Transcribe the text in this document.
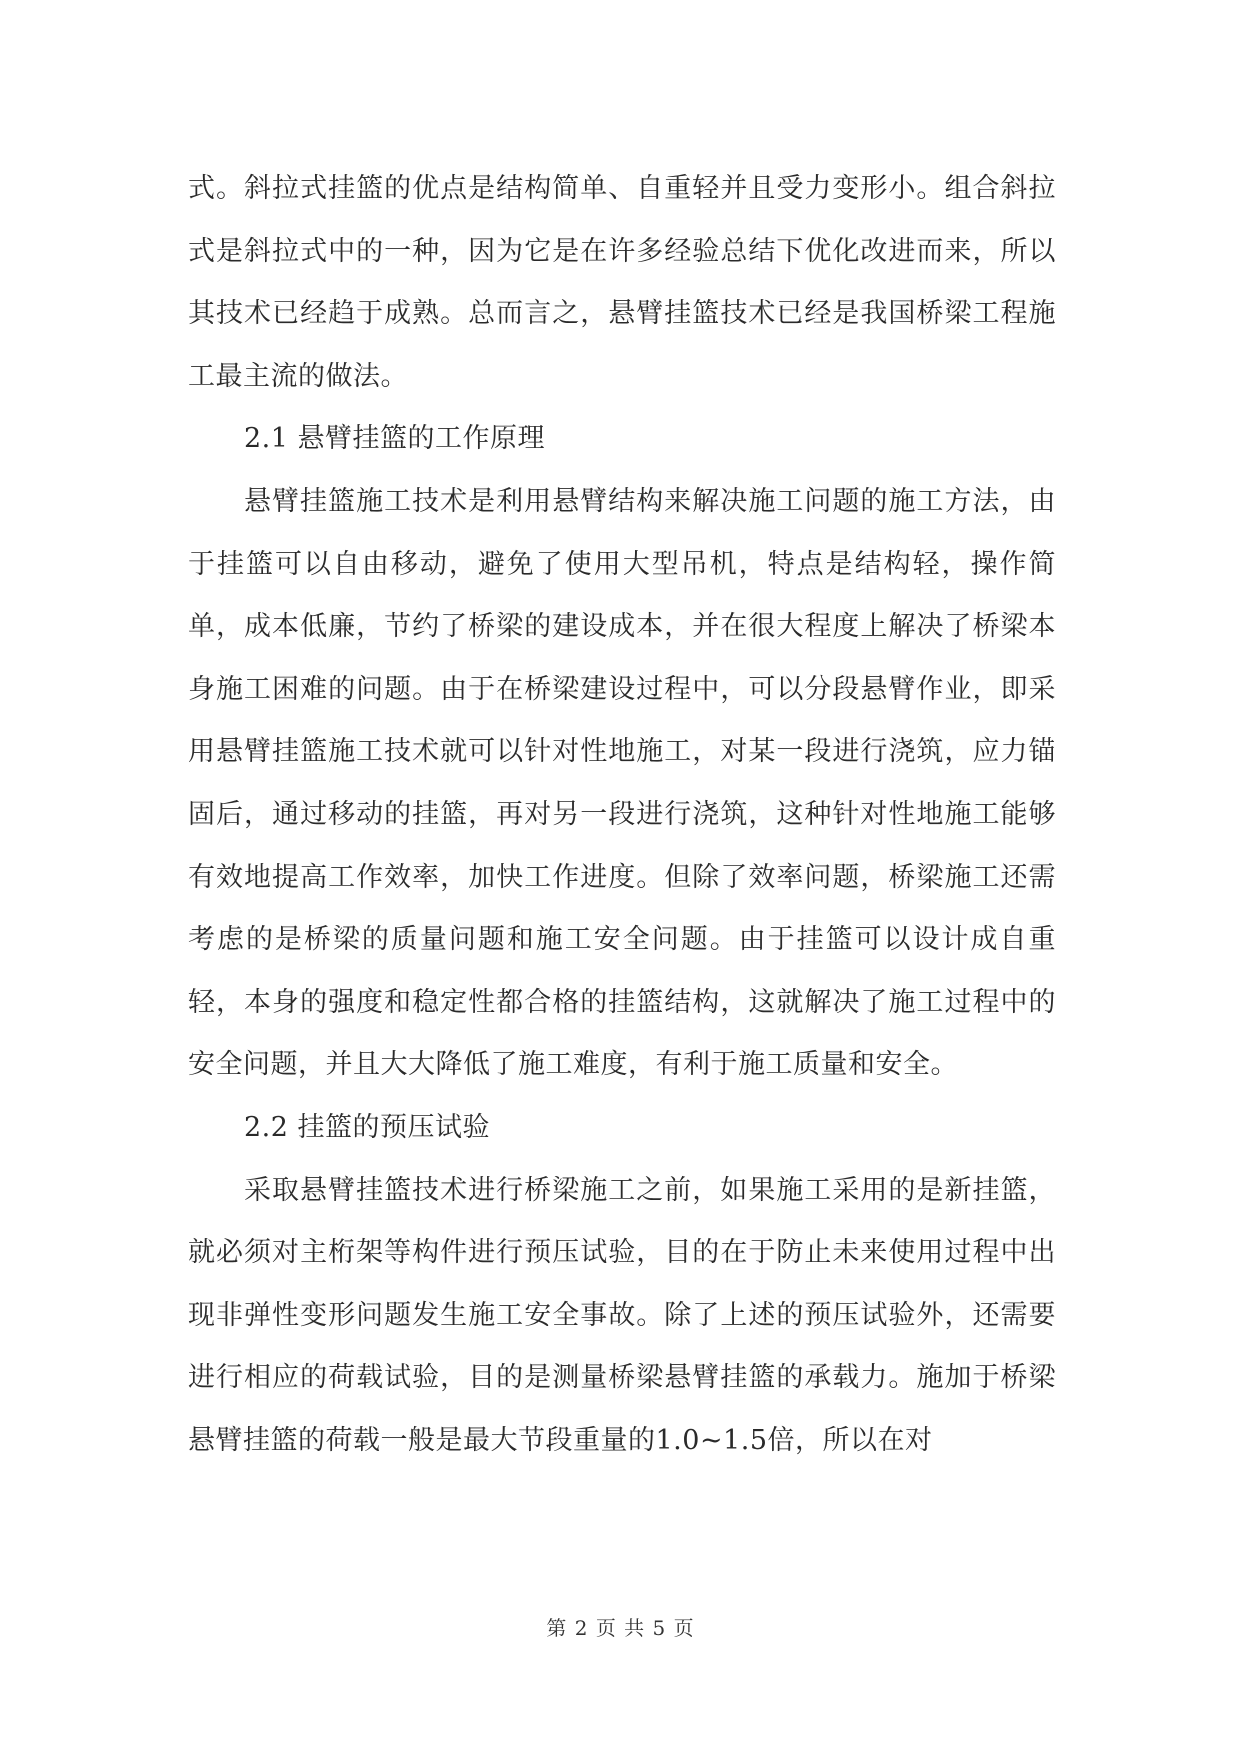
式。斜拉式挂篮的优点是结构简单、自重轻并且受力变形小。组合斜拉式是斜拉式中的一种，因为它是在许多经验总结下优化改进而来，所以其技术已经趋于成熟。总而言之，悬臂挂篮技术已经是我国桥梁工程施工最主流的做法。

2.1 悬臂挂篮的工作原理

悬臂挂篮施工技术是利用悬臂结构来解决施工问题的施工方法，由于挂篮可以自由移动，避免了使用大型吊机，特点是结构轻，操作简单，成本低廉，节约了桥梁的建设成本，并在很大程度上解决了桥梁本身施工困难的问题。由于在桥梁建设过程中，可以分段悬臂作业，即采用悬臂挂篮施工技术就可以针对性地施工，对某一段进行浇筑，应力锚固后，通过移动的挂篮，再对另一段进行浇筑，这种针对性地施工能够有效地提高工作效率，加快工作进度。但除了效率问题，桥梁施工还需考虑的是桥梁的质量问题和施工安全问题。由于挂篮可以设计成自重轻，本身的强度和稳定性都合格的挂篮结构，这就解决了施工过程中的安全问题，并且大大降低了施工难度，有利于施工质量和安全。

2.2 挂篮的预压试验

采取悬臂挂篮技术进行桥梁施工之前，如果施工采用的是新挂篮，就必须对主桁架等构件进行预压试验，目的在于防止未来使用过程中出现非弹性变形问题发生施工安全事故。除了上述的预压试验外，还需要进行相应的荷载试验，目的是测量桥梁悬臂挂篮的承载力。施加于桥梁悬臂挂篮的荷载一般是最大节段重量的1.0~1.5倍，所以在对

第 2 页 共 5 页
